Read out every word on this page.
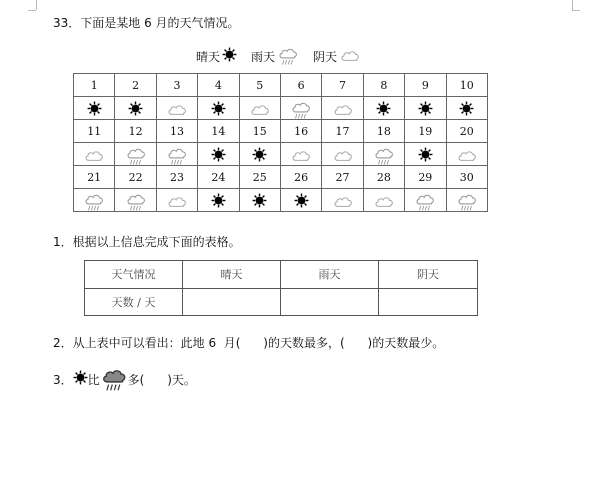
33．下面是某地 6 月的天气情况。
晴天	雨天	阴天
1	2	3	4	5	6	7	8	9	10

11	12	13	14	15	16	17	18	19	20

21	22	23	24	25	26	27	28	29	30

1．根据以上信息完成下面的表格。
天气情况	晴天	雨天	阴天
天数 / 天			
2．从上表中可以看出：此地 6  月(      )的天数最多，(      )的天数最少。
3． 比 多(      )天。
